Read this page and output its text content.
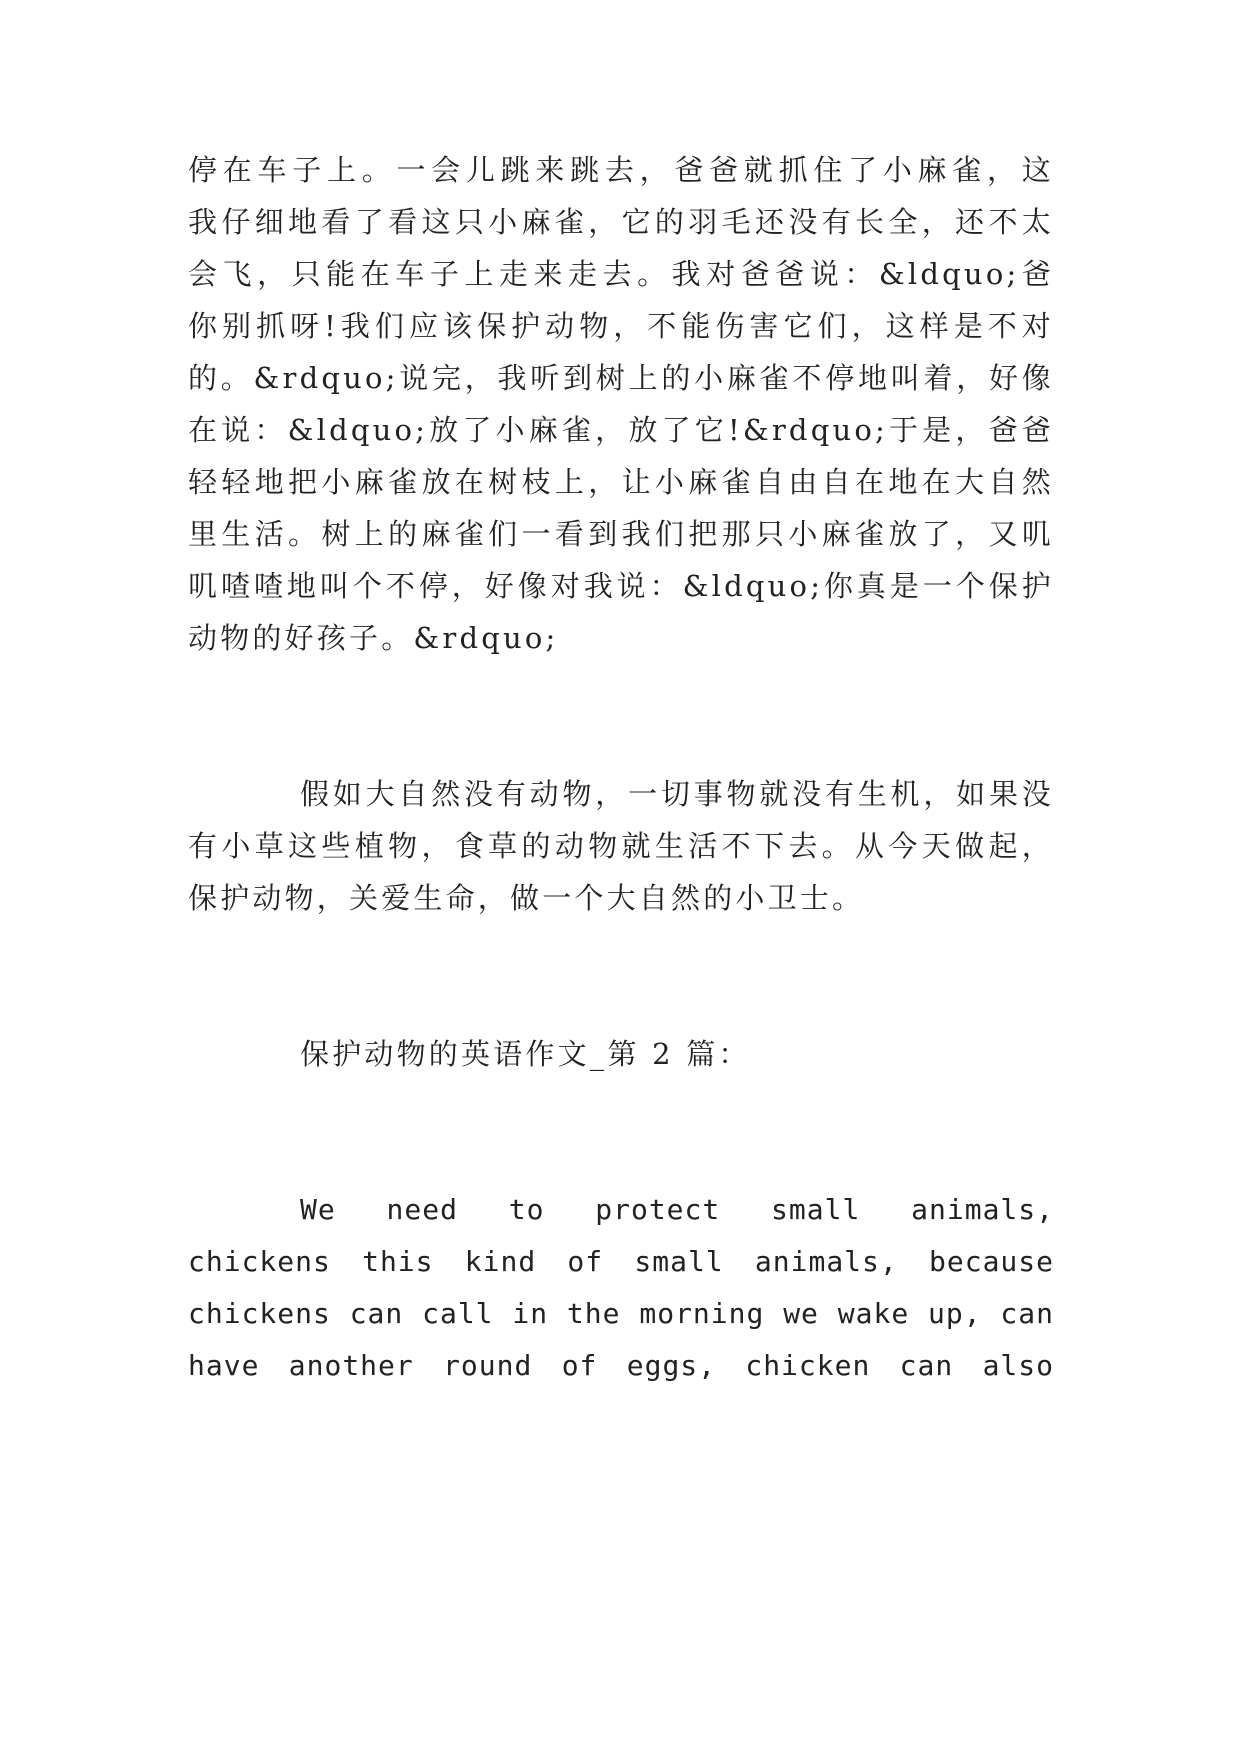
停在车子上。一会儿跳来跳去，爸爸就抓住了小麻雀，这
我仔细地看了看这只小麻雀，它的羽毛还没有长全，还不太
会飞，只能在车子上走来走去。我对爸爸说：&ldquo;爸
你别抓呀!我们应该保护动物，不能伤害它们，这样是不对
的。&rdquo;说完，我听到树上的小麻雀不停地叫着，好像
在说：&ldquo;放了小麻雀，放了它!&rdquo;于是，爸爸
轻轻地把小麻雀放在树枝上，让小麻雀自由自在地在大自然
里生活。树上的麻雀们一看到我们把那只小麻雀放了，又叽
叽喳喳地叫个不停，好像对我说：&ldquo;你真是一个保护
动物的好孩子。&rdquo;
假如大自然没有动物，一切事物就没有生机，如果没
有小草这些植物，食草的动物就生活不下去。从今天做起，
保护动物，关爱生命，做一个大自然的小卫士。
保护动物的英语作文_第 2 篇：
We need to protect small animals,
chickens this kind of small animals, because
chickens can call in the morning we wake up, can
have another round of eggs, chicken can also
